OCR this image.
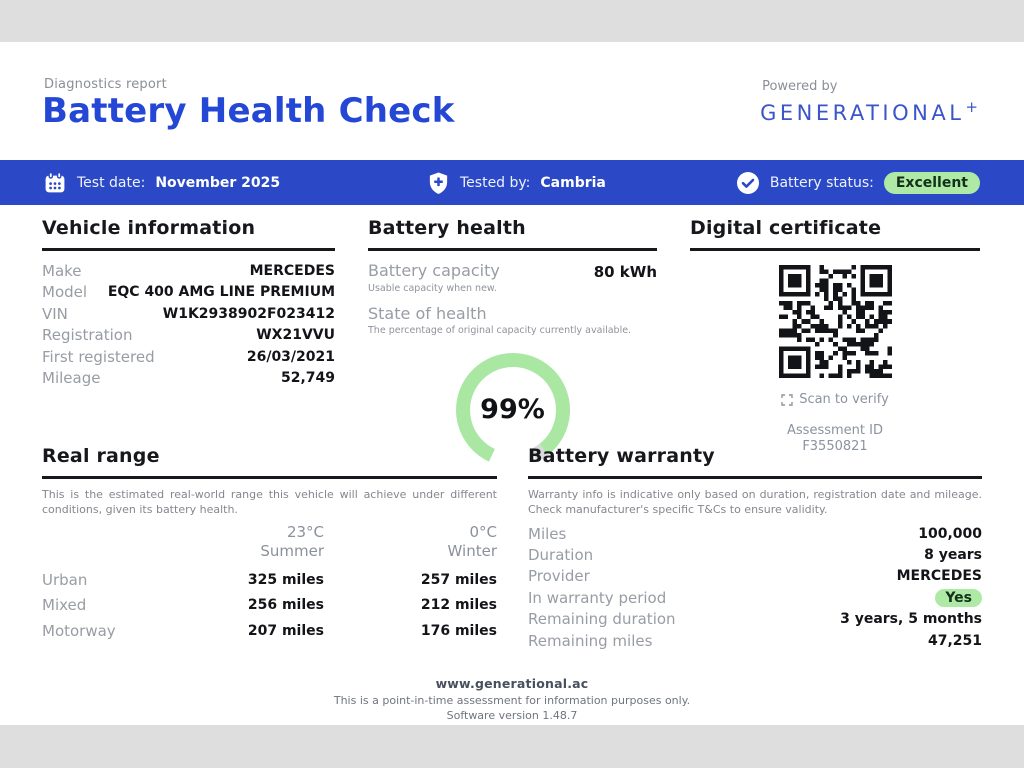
Diagnostics report
Battery Health Check
Powered by
GENERATIONAL+
Test date: November 2025	Tested by: Cambria	Battery status:	Excellent
Vehicle information
Make	MERCEDES
Model EQC 400 AMG LINE PREMIUM
VIN	W1K2938902F023412
Registration	WX21VVU
First registered	26/03/2021
Mileage	52,749
Battery health
Battery capacity	80 kWh
Usable capacity when new.
State of health
The percentage of original capacity currently available.
99%
Digital certificate
Scan to verify
Assessment ID
F3550821
Real range

This is the estimated real-world range this vehicle will achieve under different conditions, given its battery health.

23°C
Summer
0°C
Winter
Urban	325 miles	257 miles
Mixed	256 miles	212 miles
Motorway	207 miles	176 miles
Battery warranty

Warranty info is indicative only based on duration, registration date and mileage. Check manufacturer's specific T&Cs to ensure validity.

Miles	100,000
Duration	8 years
Provider	MERCEDES
In warranty period	Yes
Remaining duration	3 years, 5 months
Remaining miles	47,251
www.generational.ac
This is a point-in-time assessment for information purposes only.
Software version 1.48.7
